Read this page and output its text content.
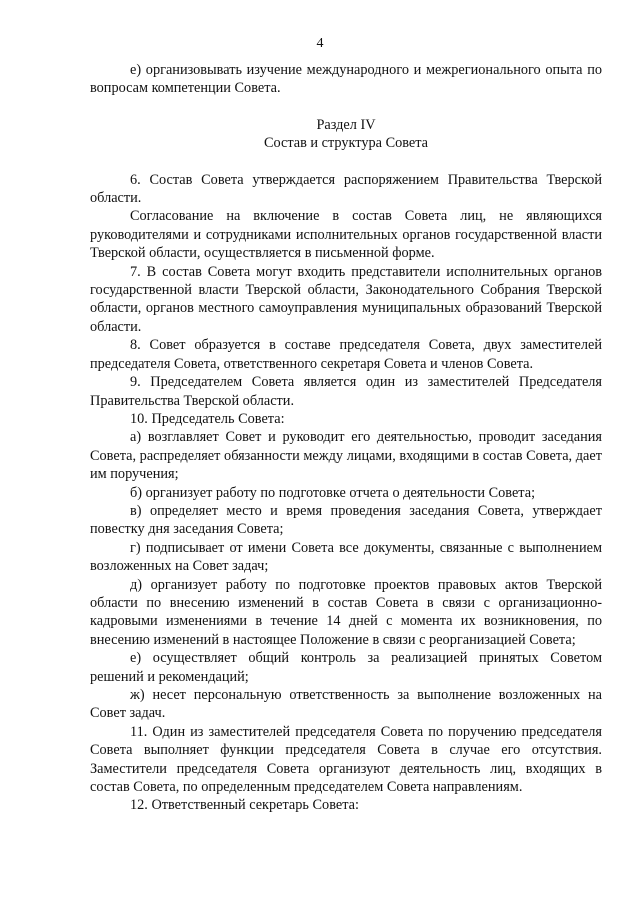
4

е) организовывать изучение международного и межрегионального опыта по вопросам компетенции Совета.

Раздел IV

Состав и структура Совета

6. Состав Совета утверждается распоряжением Правительства Тверской области.

Согласование на включение в состав Совета лиц, не являющихся руководителями и сотрудниками исполнительных органов государственной власти Тверской области, осуществляется в письменной форме.

7. В состав Совета могут входить представители исполнительных органов государственной власти Тверской области, Законодательного Собрания Тверской области, органов местного самоуправления муниципальных образований Тверской области.

8. Совет образуется в составе председателя Совета, двух заместителей председателя Совета, ответственного секретаря Совета и членов Совета.

9. Председателем Совета является один из заместителей Председателя Правительства Тверской области.

10. Председатель Совета:

а) возглавляет Совет и руководит его деятельностью, проводит заседания Совета, распределяет обязанности между лицами, входящими в состав Совета, дает им поручения;

б) организует работу по подготовке отчета о деятельности Совета;

в) определяет место и время проведения заседания Совета, утверждает повестку дня заседания Совета;

г) подписывает от имени Совета все документы, связанные с выполнением возложенных на Совет задач;

д) организует работу по подготовке проектов правовых актов Тверской области по внесению изменений в состав Совета в связи с организационно-кадровыми изменениями в течение 14 дней с момента их возникновения, по внесению изменений в настоящее Положение в связи с реорганизацией Совета;

е) осуществляет общий контроль за реализацией принятых Советом решений и рекомендаций;

ж) несет персональную ответственность за выполнение возложенных на Совет задач.

11. Один из заместителей председателя Совета по поручению председателя Совета выполняет функции председателя Совета в случае его отсутствия. Заместители председателя Совета организуют деятельность лиц, входящих в состав Совета, по определенным председателем Совета направлениям.

12. Ответственный секретарь Совета:
